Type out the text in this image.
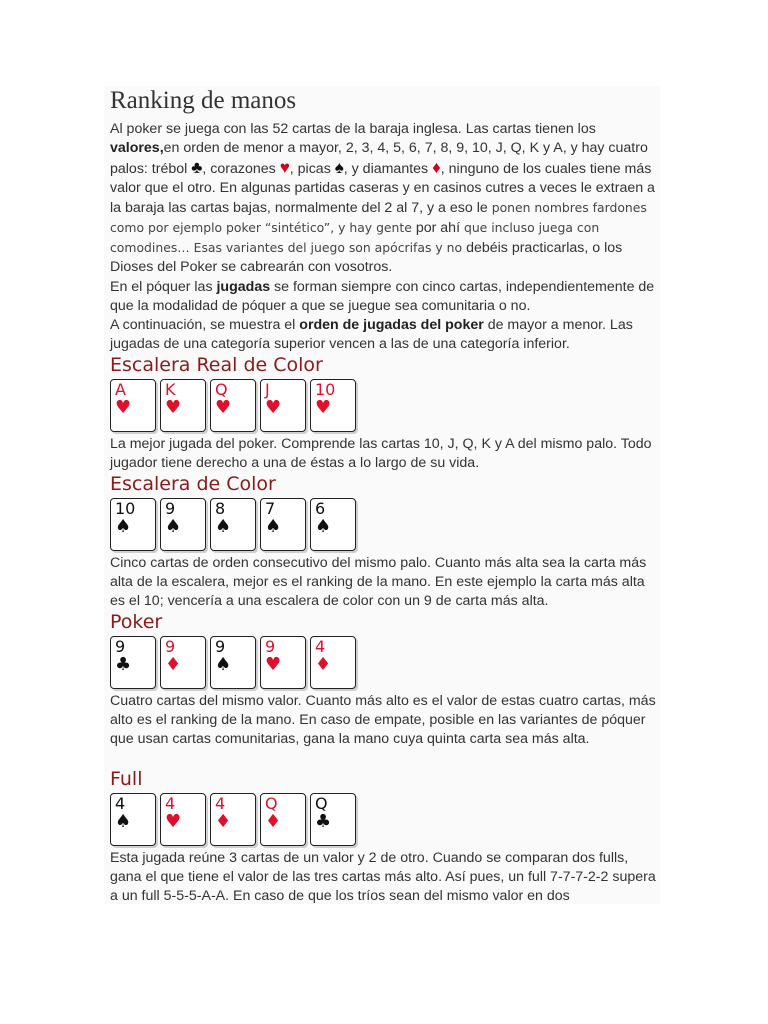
Ranking de manos

Al poker se juega con las 52 cartas de la baraja inglesa. Las cartas tienen los valores,en orden de menor a mayor, 2, 3, 4, 5, 6, 7, 8, 9, 10, J, Q, K y A, y hay cuatro palos: trébol ♣, corazones ♥, picas ♠, y diamantes ♦, ninguno de los cuales tiene más valor que el otro. En algunas partidas caseras y en casinos cutres a veces le extraen a la baraja las cartas bajas, normalmente del 2 al 7, y a eso le ponen nombres fardones como por ejemplo poker “sintético”, y hay gente por ahí que incluso juega con comodines… Esas variantes del juego son apócrifas y no debéis practicarlas, o los Dioses del Poker se cabrearán con vosotros.

En el póquer las jugadas se forman siempre con cinco cartas, independientemente de que la modalidad de póquer a que se juegue sea comunitaria o no.

A continuación, se muestra el orden de jugadas del poker de mayor a menor. Las jugadas de una categoría superior vencen a las de una categoría inferior.

Escalera Real de Color
A
♥
K
♥
Q
♥
J
♥
10
♥

La mejor jugada del poker. Comprende las cartas 10, J, Q, K y A del mismo palo. Todo jugador tiene derecho a una de éstas a lo largo de su vida.

Escalera de Color
10
♠
9
♠
8
♠
7
♠
6
♠

Cinco cartas de orden consecutivo del mismo palo. Cuanto más alta sea la carta más alta de la escalera, mejor es el ranking de la mano. En este ejemplo la carta más alta es el 10; vencería a una escalera de color con un 9 de carta más alta.

Poker
9
♣
9
♦
9
♠
9
♥
4
♦

Cuatro cartas del mismo valor. Cuanto más alto es el valor de estas cuatro cartas, más alto es el ranking de la mano. En caso de empate, posible en las variantes de póquer que usan cartas comunitarias, gana la mano cuya quinta carta sea más alta.

Full
4
♠
4
♥
4
♦
Q
♦
Q
♣

Esta jugada reúne 3 cartas de un valor y 2 de otro. Cuando se comparan dos fulls, gana el que tiene el valor de las tres cartas más alto. Así pues, un full 7-7-7-2-2 supera a un full 5-5-5-A-A. En caso de que los tríos sean del mismo valor en dos
